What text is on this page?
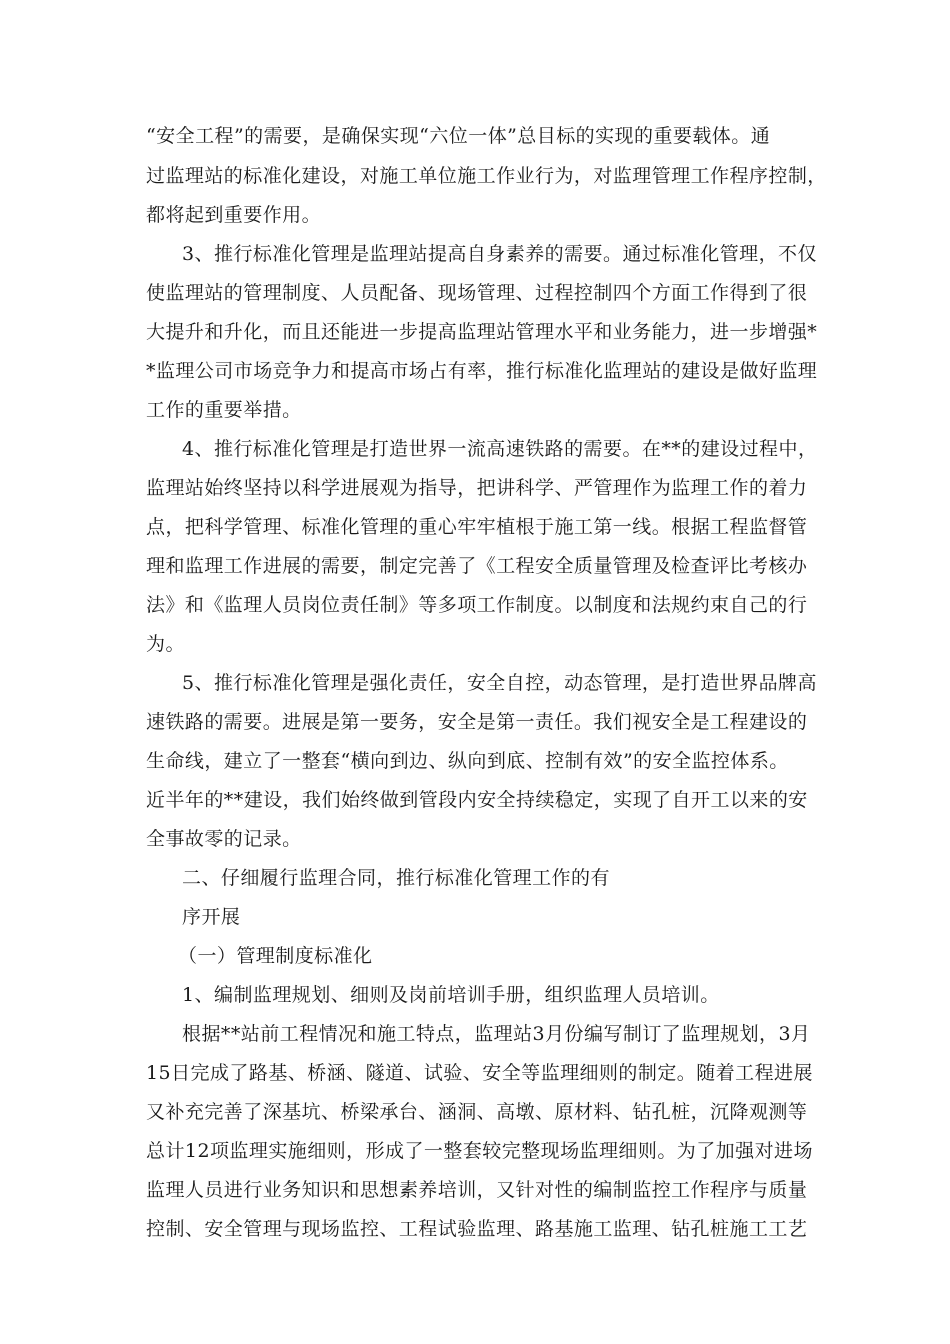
“安全工程”的需要，是确保实现“六位一体”总目标的实现的重要载体。通
过监理站的标准化建设，对施工单位施工作业行为，对监理管理工作程序控制，
都将起到重要作用。
3、推行标准化管理是监理站提高自身素养的需要。通过标准化管理，不仅
使监理站的管理制度、人员配备、现场管理、过程控制四个方面工作得到了很
大提升和升化，而且还能进一步提高监理站管理水平和业务能力，进一步增强*
*监理公司市场竞争力和提高市场占有率，推行标准化监理站的建设是做好监理
工作的重要举措。
4、推行标准化管理是打造世界一流高速铁路的需要。在**的建设过程中，
监理站始终坚持以科学进展观为指导，把讲科学、严管理作为监理工作的着力
点，把科学管理、标准化管理的重心牢牢植根于施工第一线。根据工程监督管
理和监理工作进展的需要，制定完善了《工程安全质量管理及检查评比考核办
法》和《监理人员岗位责任制》等多项工作制度。以制度和法规约束自己的行
为。
5、推行标准化管理是强化责任，安全自控，动态管理，是打造世界品牌高
速铁路的需要。进展是第一要务，安全是第一责任。我们视安全是工程建设的
生命线，建立了一整套“横向到边、纵向到底、控制有效”的安全监控体系。
近半年的**建设，我们始终做到管段内安全持续稳定，实现了自开工以来的安
全事故零的记录。
二、仔细履行监理合同，推行标准化管理工作的有
序开展
（一）管理制度标准化
1、编制监理规划、细则及岗前培训手册，组织监理人员培训。
根据**站前工程情况和施工特点，监理站3月份编写制订了监理规划，3月
15日完成了路基、桥涵、隧道、试验、安全等监理细则的制定。随着工程进展
又补充完善了深基坑、桥梁承台、涵洞、高墩、原材料、钻孔桩，沉降观测等
总计12项监理实施细则，形成了一整套较完整现场监理细则。为了加强对进场
监理人员进行业务知识和思想素养培训，又针对性的编制监控工作程序与质量
控制、安全管理与现场监控、工程试验监理、路基施工监理、钻孔桩施工工艺
